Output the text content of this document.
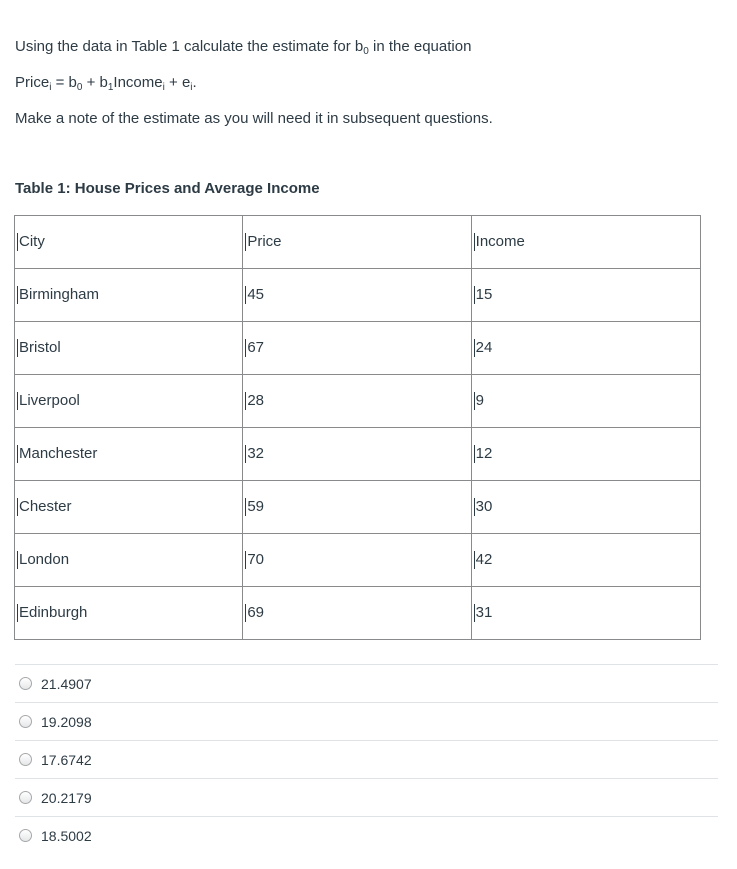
Using the data in Table 1 calculate the estimate for $b_0$ in the equation
Price$_i$ = $b_0$ + $b_1Income_i + e_i$.
Make a note of the estimate as you will need it in subsequent questions.
Table 1: House Prices and Average Income
City	Price	Income
Birmingham	45	15
Bristol	67	24
Liverpool	28	9
Manchester	32	12
Chester	59	30
London	70	42
Edinburgh	69	31
21.4907
19.2098
17.6742
20.2179
18.5002
